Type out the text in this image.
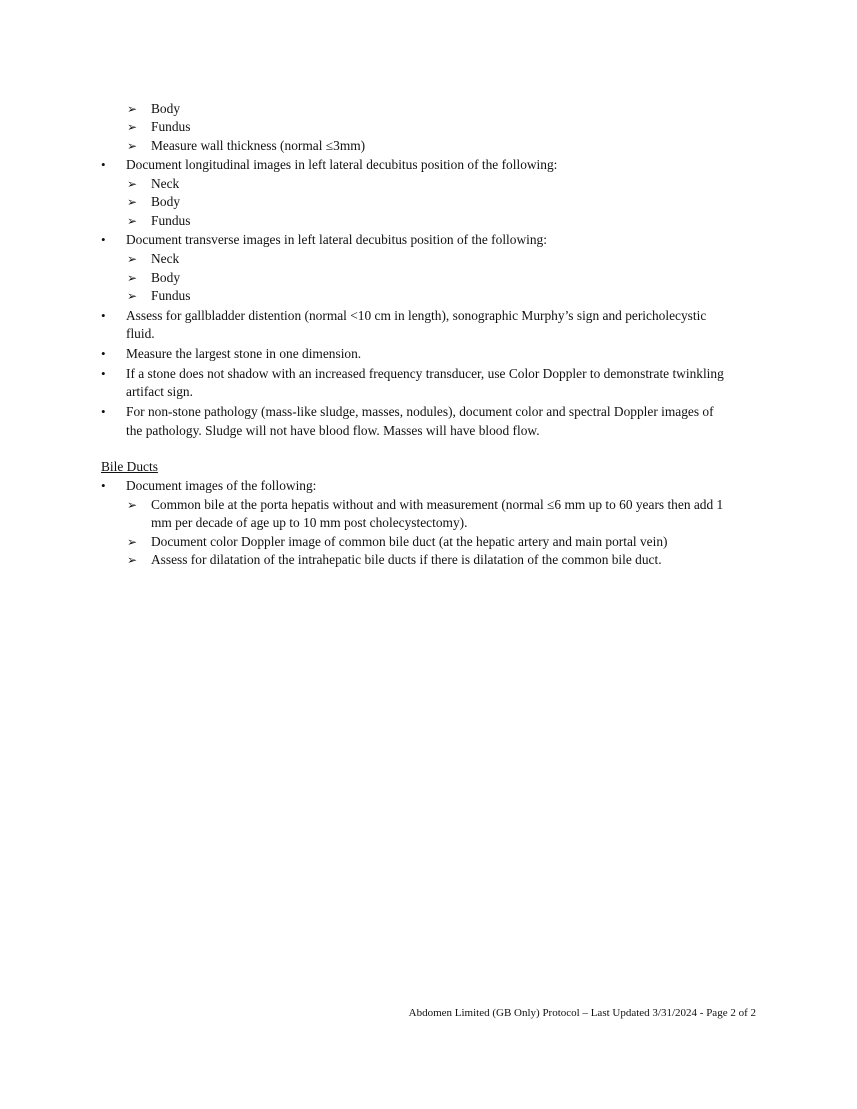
➢ Body
➢ Fundus
➢ Measure wall thickness (normal ≤3mm)
• Document longitudinal images in left lateral decubitus position of the following:
➢ Neck
➢ Body
➢ Fundus
• Document transverse images in left lateral decubitus position of the following:
➢ Neck
➢ Body
➢ Fundus
• Assess for gallbladder distention (normal <10 cm in length), sonographic Murphy’s sign and pericholecystic
fluid.
• Measure the largest stone in one dimension.
• If a stone does not shadow with an increased frequency transducer, use Color Doppler to demonstrate twinkling
artifact sign.
• For non-stone pathology (mass-like sludge, masses, nodules), document color and spectral Doppler images of
the pathology. Sludge will not have blood flow. Masses will have blood flow.
Bile Ducts
• Document images of the following:
➢ Common bile at the porta hepatis without and with measurement (normal ≤6 mm up to 60 years then add 1
mm per decade of age up to 10 mm post cholecystectomy).
➢ Document color Doppler image of common bile duct (at the hepatic artery and main portal vein)
➢ Assess for dilatation of the intrahepatic bile ducts if there is dilatation of the common bile duct.
Abdomen Limited (GB Only) Protocol – Last Updated 3/31/2024 - Page 2 of 2
